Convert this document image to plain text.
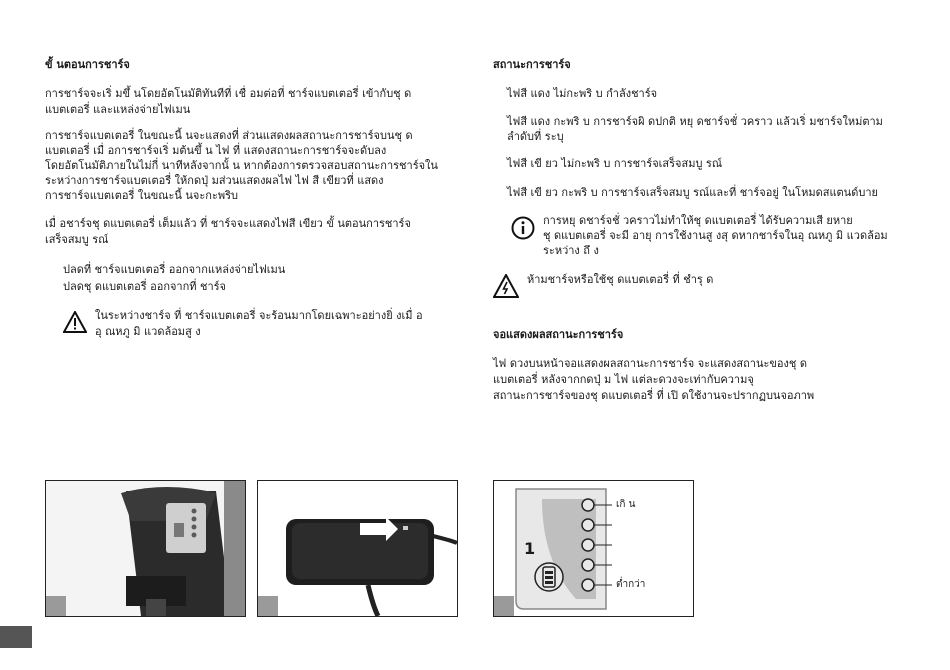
ขั้ นตอนการชาร์จ
การชาร์จจะเริ่ มขึ้ นโดยอัตโนมัติทันทีที่ เชื่ อมต่อที่ ชาร์จแบตเตอรี่ เข้ากับชุ ด
แบตเตอรี่ และแหล่งจ่ายไฟเมน
การชาร์จแบตเตอรี่ ในขณะนี้ นจะแสดงที่ ส่วนแสดงผลสถานะการชาร์จบนชุ ด
แบตเตอรี่ เมื่ อการชาร์จเริ่ มต้นขึ้ น ไฟ ที่ แสดงสถานะการชาร์จจะดับลง
โดยอัตโนมัติภายในไม่กี่ นาทีหลังจากนั้ น หากต้องการตรวจสอบสถานะการชาร์จใน
ระหว่างการชาร์จแบตเตอรี่ ให้กดปุ่ มส่วนแสดงผลไฟ ไฟ สี เขียวที่ แสดง
การชาร์จแบตเตอรี่ ในขณะนี้ นจะกะพริบ
เมื่ อชาร์จชุ ดแบตเตอรี่ เต็มแล้ว ที่ ชาร์จจะแสดงไฟสี เขียว ขั้ นตอนการชาร์จ
เสร็จสมบู รณ์
ปลดที่ ชาร์จแบตเตอรี่ ออกจากแหล่งจ่ายไฟเมน
ปลดชุ ดแบตเตอรี่ ออกจากที่ ชาร์จ
ในระหว่างชาร์จ ที่ ชาร์จแบตเตอรี่ จะร้อนมากโดยเฉพาะอย่างยิ่ งเมื่ อ
อุ ณหภู มิ แวดล้อมสู ง
สถานะการชาร์จ
ไฟสี แดง ไม่กะพริ บ กำลังชาร์จ
ไฟสี แดง กะพริ บ การชาร์จผิ ดปกติ หยุ ดชาร์จชั่ วคราว แล้วเริ่ มชาร์จใหม่ตาม
ลำดับที่ ระบุ
ไฟสี เขี ยว ไม่กะพริ บ การชาร์จเสร็จสมบู รณ์
ไฟสี เขี ยว กะพริ บ การชาร์จเสร็จสมบู รณ์และที่ ชาร์จอยู่ ในโหมดสแตนด์บาย
การหยุ ดชาร์จชั่ วคราวไม่ทำให้ชุ ดแบตเตอรี่ ได้รับความเสี ยหาย
ชุ ดแบตเตอรี่ จะมี อายุ การใช้งานสู งสุ ดหากชาร์จในอุ ณหภู มิ แวดล้อม
ระหว่าง ถึ ง
ห้ามชาร์จหรือใช้ชุ ดแบตเตอรี่ ที่ ชำรุ ด
จอแสดงผลสถานะการชาร์จ
ไฟ ดวงบนหน้าจอแสดงผลสถานะการชาร์จ จะแสดงสถานะของชุ ด
แบตเตอรี่ หลังจากกดปุ่ ม ไฟ แต่ละดวงจะเท่ากับความจุ
สถานะการชาร์จของชุ ดแบตเตอรี่ ที่ เปิ ดใช้งานจะปรากฏบนจอภาพ
1
เกิ น
ต่ำกว่า
